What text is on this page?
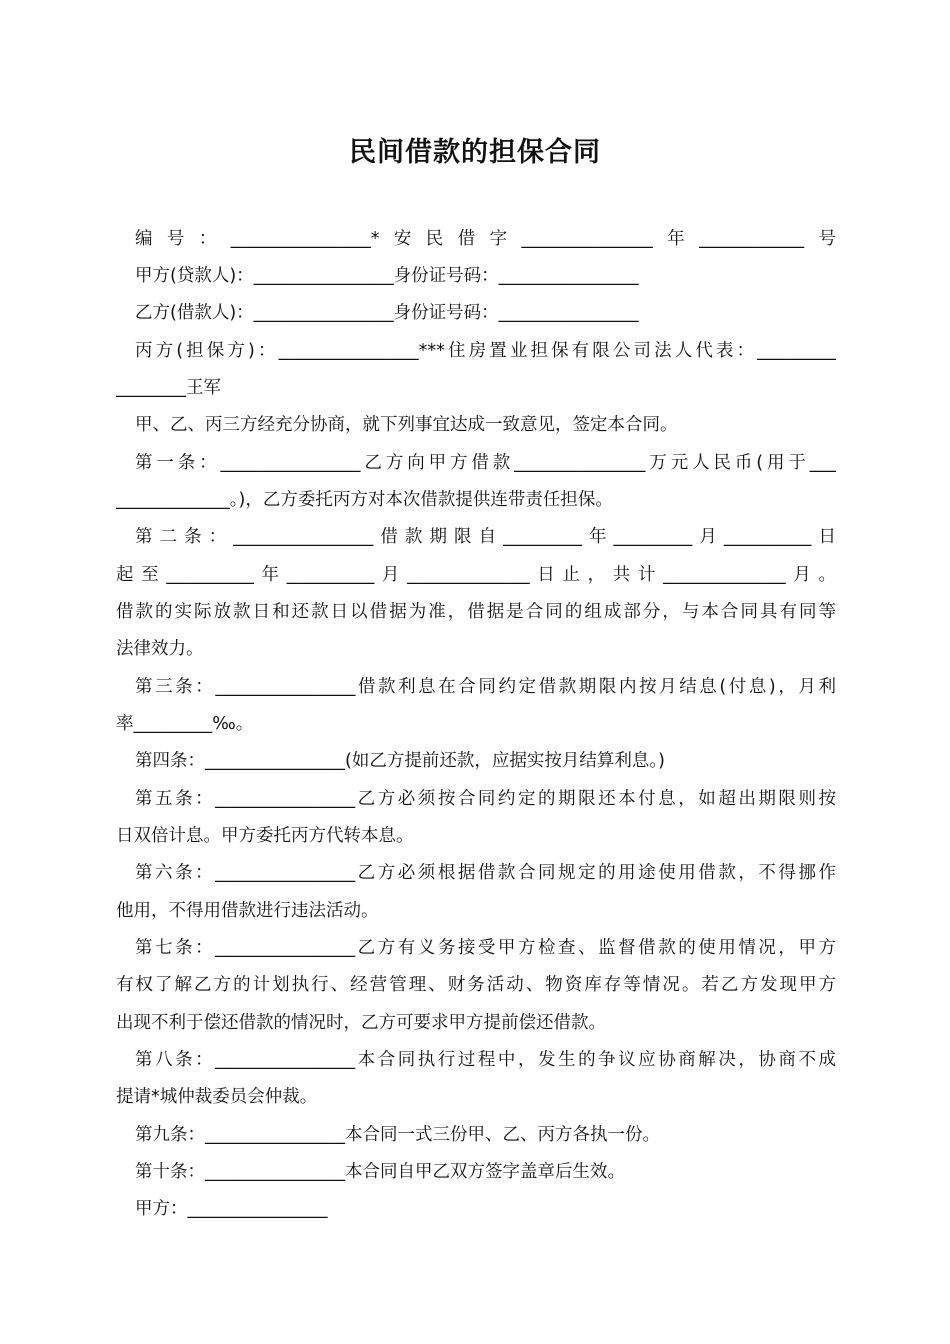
民间借款的担保合同
编号：________________*安民借字_______________年____________号
甲方(贷款人)：________________身份证号码：________________
乙方(借款人)：________________身份证号码：________________
丙方(担保方)：________________***住房置业担保有限公司法人代表：_________
________王军
甲、乙、丙三方经充分协商，就下列事宜达成一致意见，签定本合同。
第一条：________________乙方向甲方借款_______________万元人民币(用于___
_____________。)，乙方委托丙方对本次借款提供连带责任担保。
第二条：________________借款期限自_________年_________月__________日
起至__________年__________月______________日止，共计______________月。
借款的实际放款日和还款日以借据为准，借据是合同的组成部分，与本合同具有同等
法律效力。
第三条：________________借款利息在合同约定借款期限内按月结息(付息)，月利
率_________‰。
第四条：________________(如乙方提前还款，应据实按月结算利息。)
第五条：________________乙方必须按合同约定的期限还本付息，如超出期限则按
日双倍计息。甲方委托丙方代转本息。
第六条：________________乙方必须根据借款合同规定的用途使用借款，不得挪作
他用，不得用借款进行违法活动。
第七条：________________乙方有义务接受甲方检查、监督借款的使用情况，甲方
有权了解乙方的计划执行、经营管理、财务活动、物资库存等情况。若乙方发现甲方
出现不利于偿还借款的情况时，乙方可要求甲方提前偿还借款。
第八条：________________本合同执行过程中，发生的争议应协商解决，协商不成
提请*城仲裁委员会仲裁。
第九条：________________本合同一式三份甲、乙、丙方各执一份。
第十条：________________本合同自甲乙双方签字盖章后生效。
甲方：________________
